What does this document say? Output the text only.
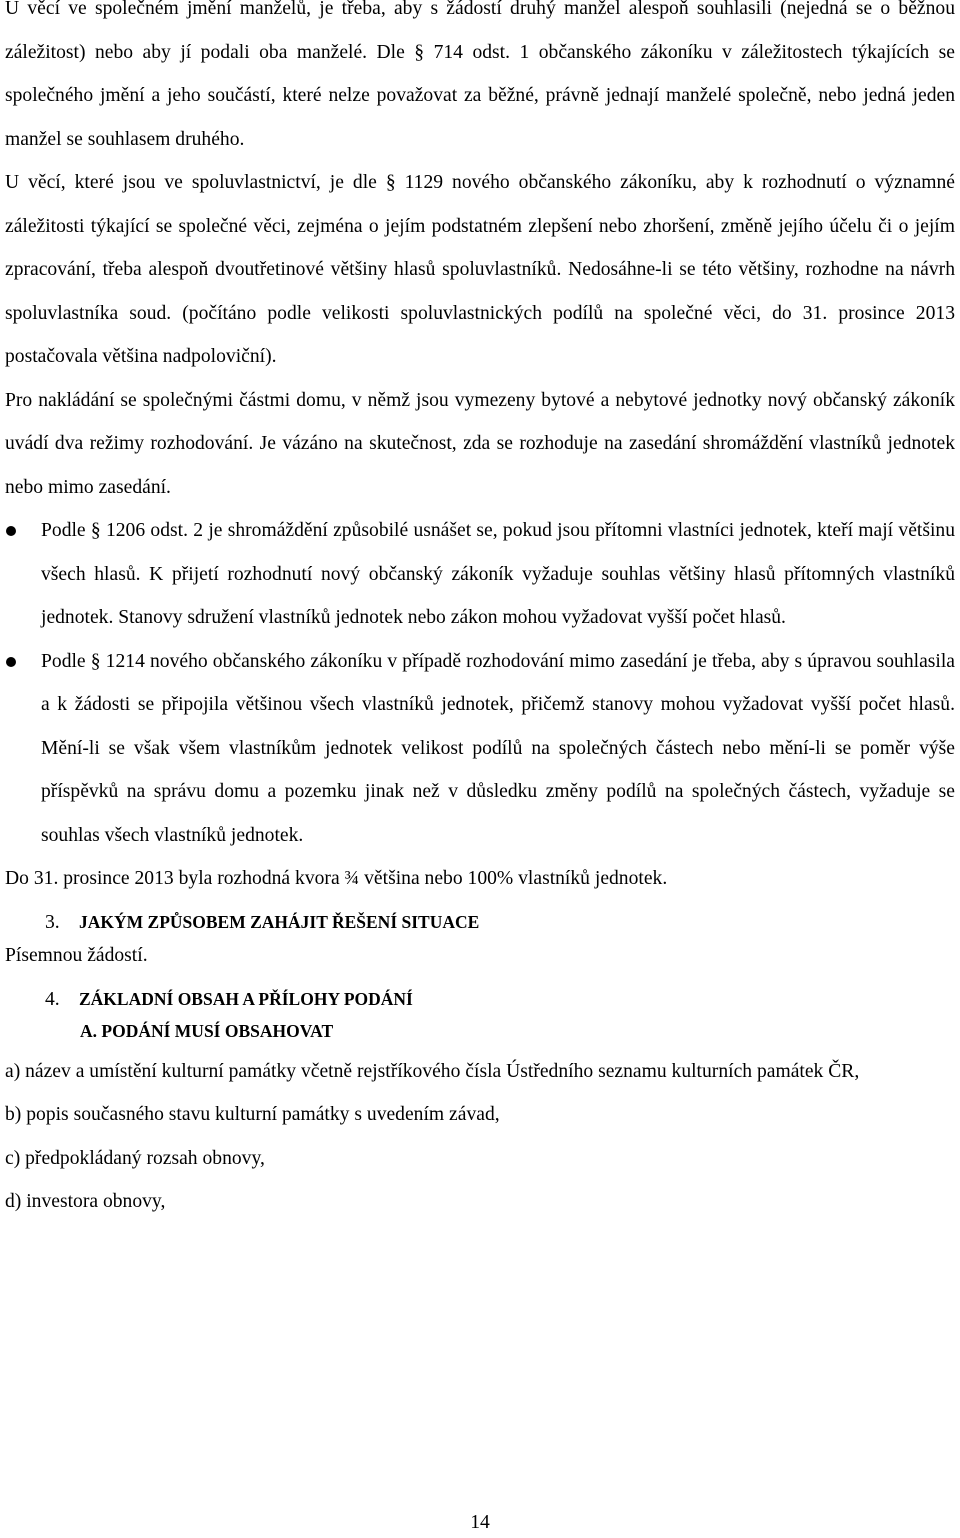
U věcí ve společném jmění manželů, je třeba, aby s žádostí druhý manžel alespoň souhlasili (nejedná se o běžnou záležitost) nebo aby jí podali oba manželé. Dle § 714 odst. 1 občanského zákoníku v záležitostech týkajících se společného jmění a jeho součástí, které nelze považovat za běžné, právně jednají manželé společně, nebo jedná jeden manžel se souhlasem druhého.

U věcí, které jsou ve spoluvlastnictví, je dle § 1129 nového občanského zákoníku, aby k rozhodnutí o významné záležitosti týkající se společné věci, zejména o jejím podstatném zlepšení nebo zhoršení, změně jejího účelu či o jejím zpracování, třeba alespoň dvoutřetinové většiny hlasů spoluvlastníků. Nedosáhne-li se této většiny, rozhodne na návrh spoluvlastníka soud. (počítáno podle velikosti spoluvlastnických podílů na společné věci, do 31. prosince 2013 postačovala většina nadpoloviční).

Pro nakládání se společnými částmi domu, v němž jsou vymezeny bytové a nebytové jednotky nový občanský zákoník uvádí dva režimy rozhodování. Je vázáno na skutečnost, zda se rozhoduje na zasedání shromáždění vlastníků jednotek nebo mimo zasedání.

Podle § 1206 odst. 2 je shromáždění způsobilé usnášet se, pokud jsou přítomni vlastníci jednotek, kteří mají většinu všech hlasů. K přijetí rozhodnutí nový občanský zákoník vyžaduje souhlas většiny hlasů přítomných vlastníků jednotek. Stanovy sdružení vlastníků jednotek nebo zákon mohou vyžadovat vyšší počet hlasů.
Podle § 1214 nového občanského zákoníku v případě rozhodování mimo zasedání je třeba, aby s úpravou souhlasila a k žádosti se připojila většinou všech vlastníků jednotek, přičemž stanovy mohou vyžadovat vyšší počet hlasů. Mění-li se však všem vlastníkům jednotek velikost podílů na společných částech nebo mění-li se poměr výše příspěvků na správu domu a pozemku jinak než v důsledku změny podílů na společných částech, vyžaduje se souhlas všech vlastníků jednotek.

Do 31. prosince 2013 byla rozhodná kvora ¾ většina nebo 100% vlastníků jednotek.

3. JAKÝM ZPŮSOBEM ZAHÁJIT ŘEŠENÍ SITUACE

Písemnou žádostí.

4. ZÁKLADNÍ OBSAH A PŘÍLOHY PODÁNÍ
A. PODÁNÍ MUSÍ OBSAHOVAT

a) název a umístění kulturní památky včetně rejstříkového čísla Ústředního seznamu kulturních památek ČR,

b) popis současného stavu kulturní památky s uvedením závad,

c) předpokládaný rozsah obnovy,

d) investora obnovy,

14
